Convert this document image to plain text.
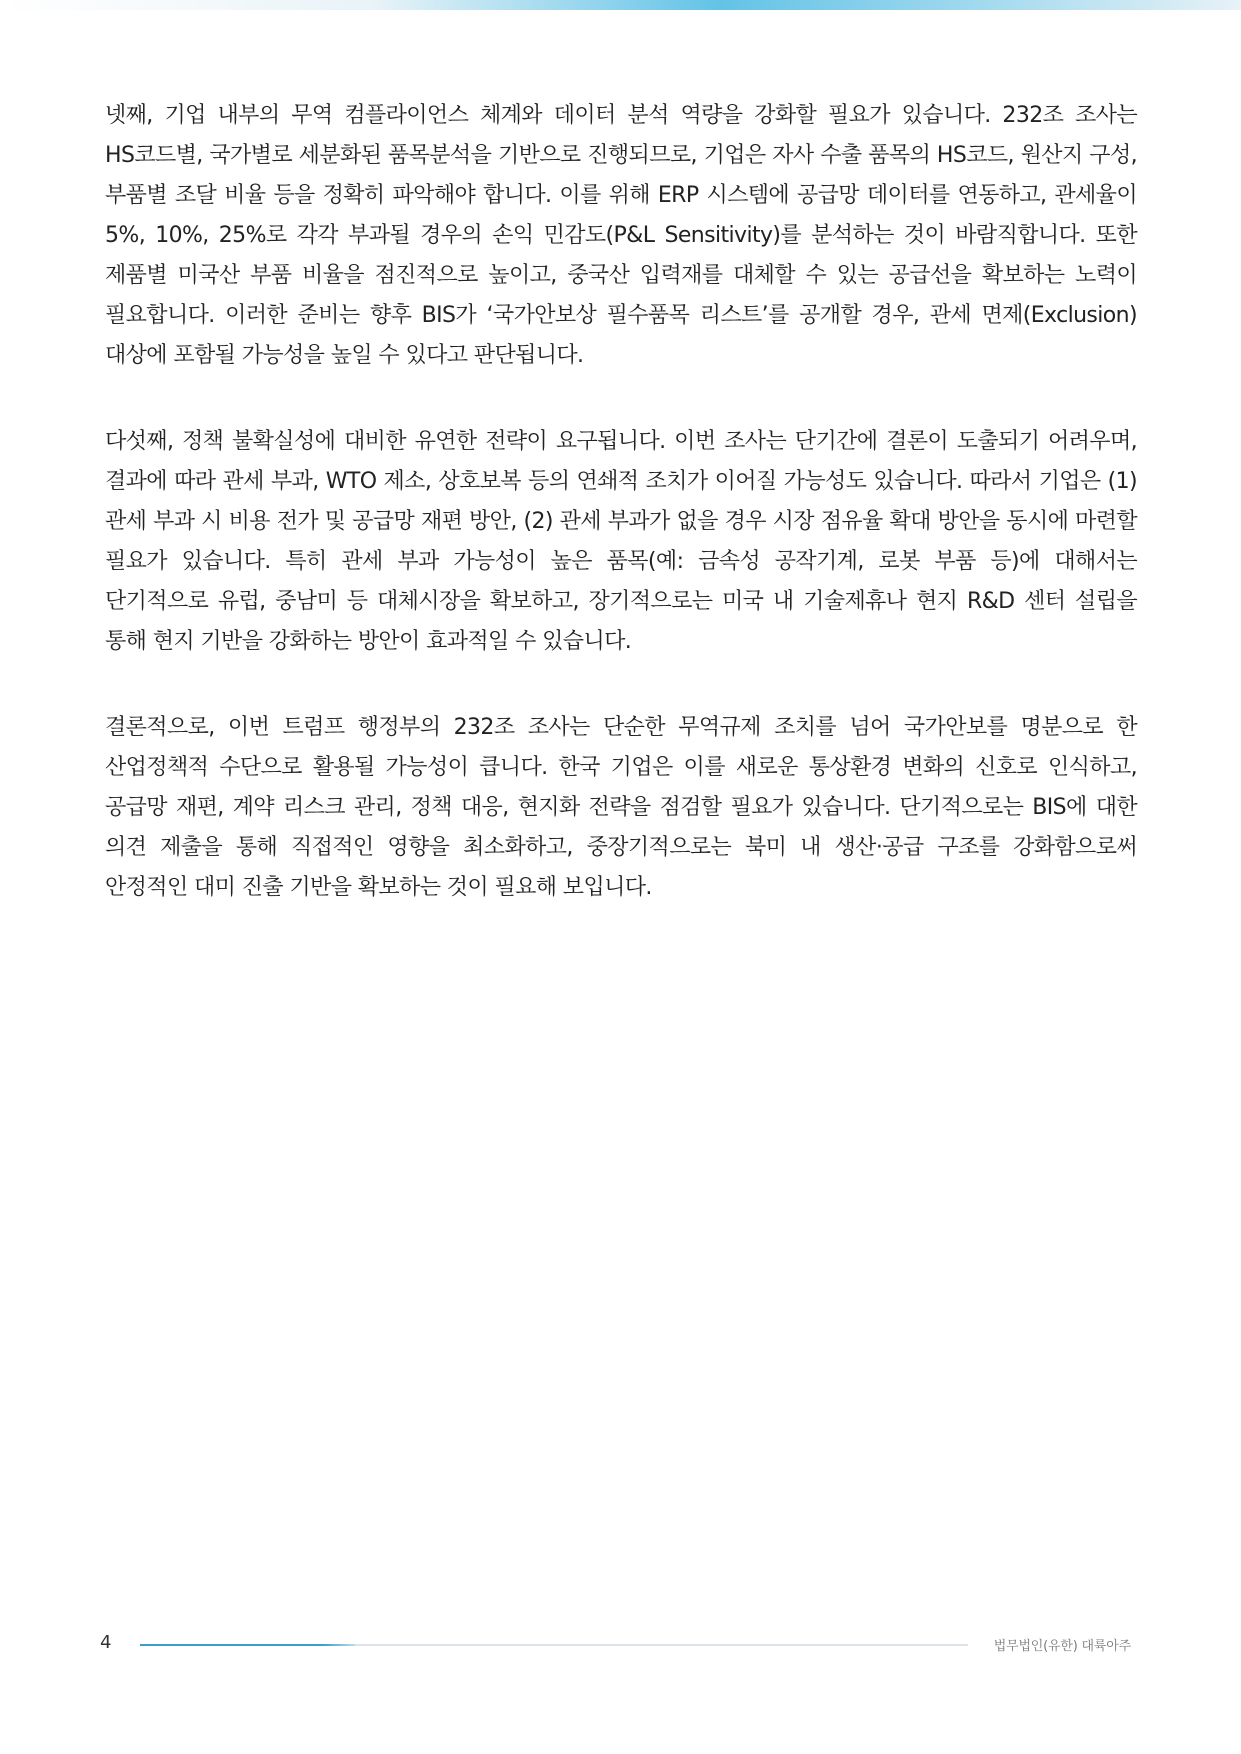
넷째, 기업 내부의 무역 컴플라이언스 체계와 데이터 분석 역량을 강화할 필요가 있습니다. 232조 조사는 HS코드별, 국가별로 세분화된 품목분석을 기반으로 진행되므로, 기업은 자사 수출 품목의 HS코드, 원산지 구성, 부품별 조달 비율 등을 정확히 파악해야 합니다. 이를 위해 ERP 시스템에 공급망 데이터를 연동하고, 관세율이 5%, 10%, 25%로 각각 부과될 경우의 손익 민감도(P&L Sensitivity)를 분석하는 것이 바람직합니다. 또한 제품별 미국산 부품 비율을 점진적으로 높이고, 중국산 입력재를 대체할 수 있는 공급선을 확보하는 노력이 필요합니다. 이러한 준비는 향후 BIS가 ‘국가안보상 필수품목 리스트’를 공개할 경우, 관세 면제(Exclusion) 대상에 포함될 가능성을 높일 수 있다고 판단됩니다.

다섯째, 정책 불확실성에 대비한 유연한 전략이 요구됩니다. 이번 조사는 단기간에 결론이 도출되기 어려우며, 결과에 따라 관세 부과, WTO 제소, 상호보복 등의 연쇄적 조치가 이어질 가능성도 있습니다. 따라서 기업은 (1) 관세 부과 시 비용 전가 및 공급망 재편 방안, (2) 관세 부과가 없을 경우 시장 점유율 확대 방안을 동시에 마련할 필요가 있습니다. 특히 관세 부과 가능성이 높은 품목(예: 금속성 공작기계, 로봇 부품 등)에 대해서는 단기적으로 유럽, 중남미 등 대체시장을 확보하고, 장기적으로는 미국 내 기술제휴나 현지 R&D 센터 설립을 통해 현지 기반을 강화하는 방안이 효과적일 수 있습니다.

결론적으로, 이번 트럼프 행정부의 232조 조사는 단순한 무역규제 조치를 넘어 국가안보를 명분으로 한 산업정책적 수단으로 활용될 가능성이 큽니다. 한국 기업은 이를 새로운 통상환경 변화의 신호로 인식하고, 공급망 재편, 계약 리스크 관리, 정책 대응, 현지화 전략을 점검할 필요가 있습니다. 단기적으로는 BIS에 대한 의견 제출을 통해 직접적인 영향을 최소화하고, 중장기적으로는 북미 내 생산·공급 구조를 강화함으로써 안정적인 대미 진출 기반을 확보하는 것이 필요해 보입니다.

4	법무법인(유한) 대륙아주
